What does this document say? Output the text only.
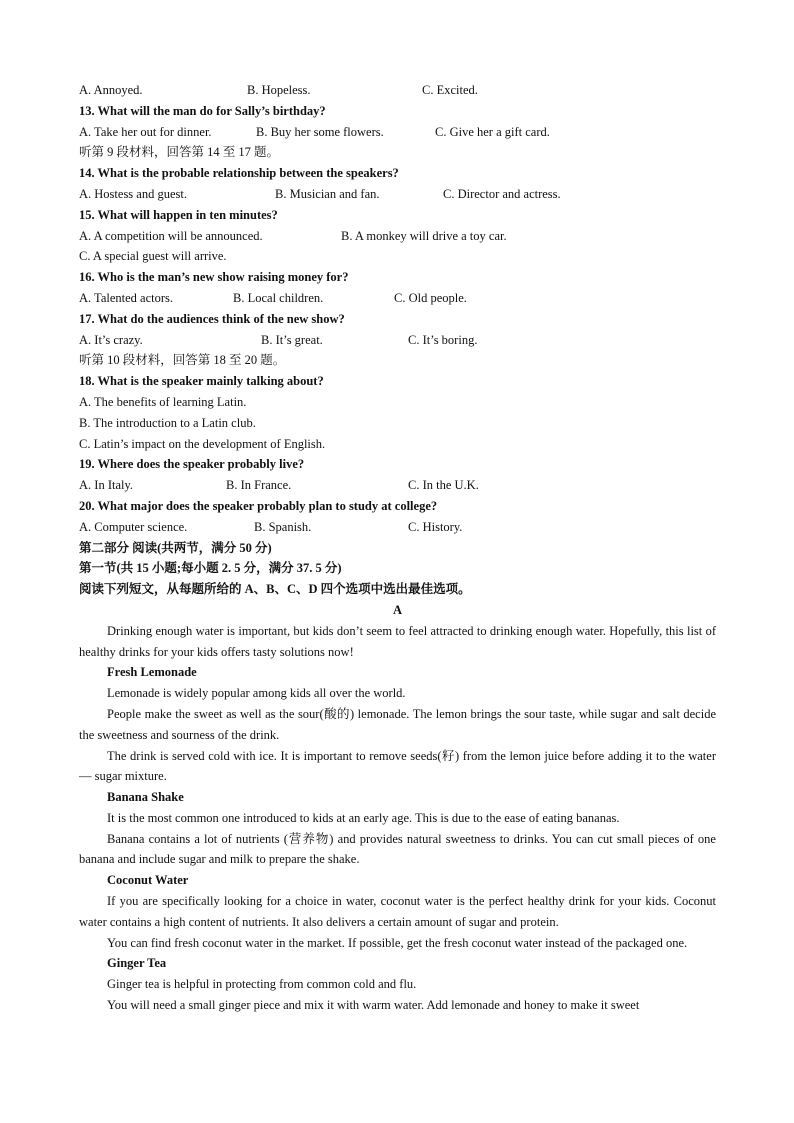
A. Annoyed.	B. Hopeless.	C. Excited.
13. What will the man do for Sally’s birthday?
A. Take her out for dinner.	B. Buy her some flowers.	C. Give her a gift card.
听第 9 段材料，回答第 14 至 17 题。
14. What is the probable relationship between the speakers?
A. Hostess and guest.	B. Musician and fan.	C. Director and actress.
15. What will happen in ten minutes?
A. A competition will be announced.	B. A monkey will drive a toy car.
C. A special guest will arrive.
16. Who is the man’s new show raising money for?
A. Talented actors.	B. Local children.	C. Old people.
17. What do the audiences think of the new show?
A. It’s crazy.	B. It’s great.	C. It’s boring.
听第 10 段材料，回答第 18 至 20 题。
18. What is the speaker mainly talking about?
A. The benefits of learning Latin.
B. The introduction to a Latin club.
C. Latin’s impact on the development of English.
19. Where does the speaker probably live?
A. In Italy.	B. In France.	C. In the U.K.
20. What major does the speaker probably plan to study at college?
A. Computer science.	B. Spanish.	C. History.
第二部分 阅读(共两节，满分 50 分)
第一节(共 15 小题;每小题 2. 5 分，满分 37. 5 分)
阅读下列短文，从每题所给的 A、B、C、D 四个选项中选出最佳选项。
A
Drinking enough water is important, but kids don’t seem to feel attracted to drinking enough water. Hopefully, this list of healthy drinks for your kids offers tasty solutions now!
Fresh Lemonade
Lemonade is widely popular among kids all over the world.
People make the sweet as well as the sour(酸的) lemonade. The lemon brings the sour taste, while sugar and salt decide the sweetness and sourness of the drink.
The drink is served cold with ice. It is important to remove seeds(籽) from the lemon juice before adding it to the water — sugar mixture.
Banana Shake
It is the most common one introduced to kids at an early age. This is due to the ease of eating bananas.
Banana contains a lot of nutrients (营养物) and provides natural sweetness to drinks. You can cut small pieces of one banana and include sugar and milk to prepare the shake.
Coconut Water
If you are specifically looking for a choice in water, coconut water is the perfect healthy drink for your kids. Coconut water contains a high content of nutrients. It also delivers a certain amount of sugar and protein.
You can find fresh coconut water in the market. If possible, get the fresh coconut water instead of the packaged one.
Ginger Tea
Ginger tea is helpful in protecting from common cold and flu.
You will need a small ginger piece and mix it with warm water. Add lemonade and honey to make it sweet
